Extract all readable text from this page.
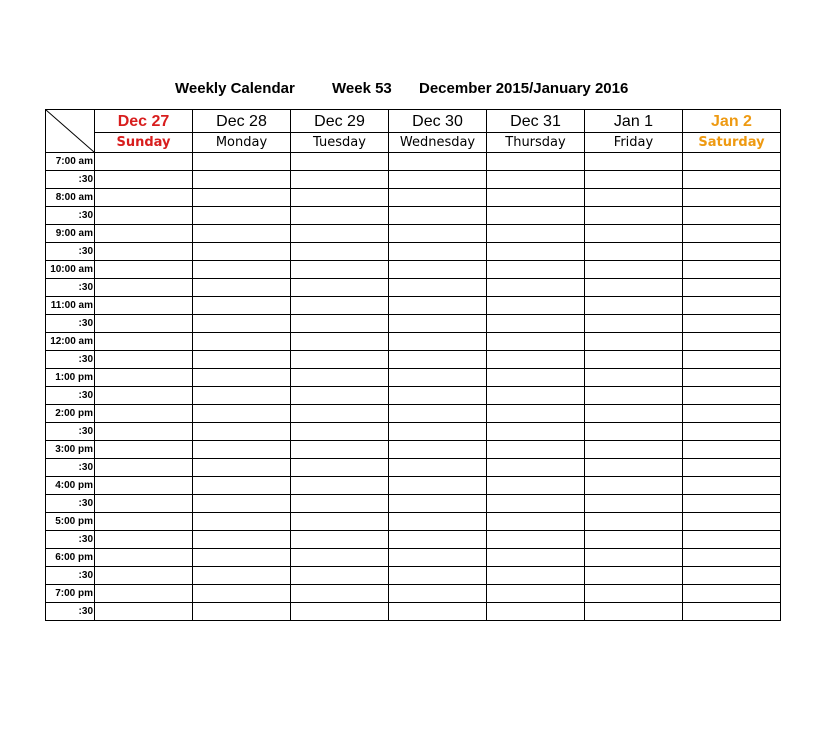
Weekly Calendar

Week 53

December 2015/January 2016

	Dec 27	Dec 28	Dec 29	Dec 30	Dec 31	Jan 1	Jan 2
	Sunday	Monday	Tuesday	Wednesday	Thursday	Friday	Saturday
7:00 am							
:30							
8:00 am							
:30							
9:00 am							
:30							
10:00 am							
:30							
11:00 am							
:30							
12:00 am							
:30							
1:00 pm							
:30							
2:00 pm							
:30							
3:00 pm							
:30							
4:00 pm							
:30							
5:00 pm							
:30							
6:00 pm							
:30							
7:00 pm							
:30							
